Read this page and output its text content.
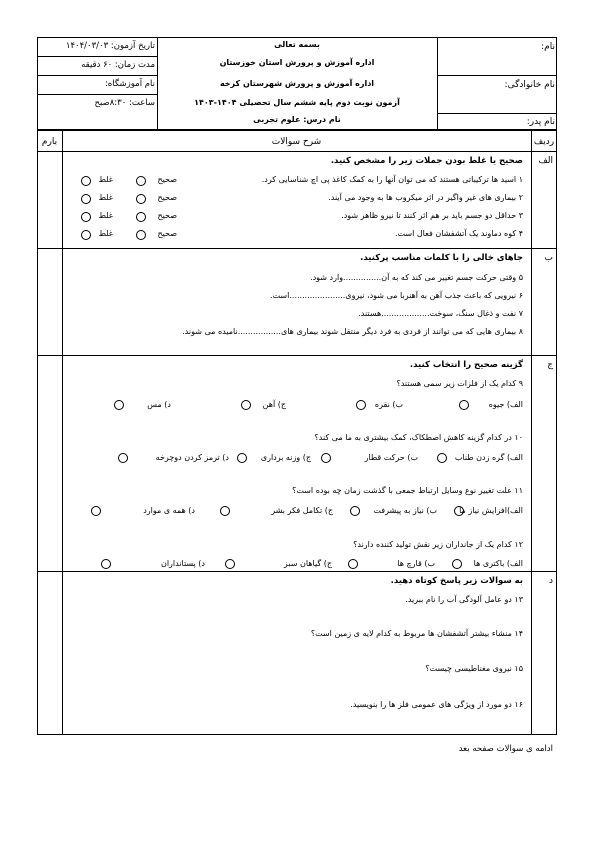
نام:
نام خانوادگی:
نام پدر:
بسمه تعالی
اداره آموزش و پرورش استان خوزستان
اداره آموزش و پرورش شهرستان کرخه
آزمون نوبت دوم پایه ششم سال تحصیلی ۱۴۰۴-۱۴۰۳
نام درس: علوم تجربی
تاریخ آزمون: ۱۴۰۴/۰۳/۰۳
مدت زمان: ۶۰ دقیقه
نام آموزشگاه:
ساعت: ۸:۳۰صبح
ردیف
شرح سوالات
بارم
الف
صحیح یا غلط بودن جملات زیر را مشخص کنید.
۱ اسید ها ترکیباتی هستند که می توان آنها را به کمک کاغذ پی اچ شناسایی کرد.
صحیح
غلط
۲ بیماری های غیر واگیر در اثر میکروب ها به وجود می آیند.
صحیح
غلط
۳ حداقل دو جسم باید بر هم اثر کنند تا نیرو ظاهر شود.
صحیح
غلط
۴ کوه دماوند یک آتشفشان فعال است.
صحیح
غلط
ب
جاهای خالی را با کلمات مناسب پرکنید.
۵ وقتی حرکت جسم تغییر می کند که به آن...............وارد شود.
۶ نیرویی که باعث جذب آهن به آهنربا می شود، نیروی......................است.
۷ نفت و ذغال سنگ، سوخت...................هستند.
۸ بیماری هایی که می توانند از فردی به فرد دیگر منتقل شوند بیماری های.................نامیده می شوند.
ج
گزینه صحیح را انتخاب کنید.
۹ کدام یک از فلزات زیر سمی هستند؟
الف) جیوه
ب) نقره
ج) آهن
د) مس
۱۰ در کدام گزینه کاهش اصطکاک، کمک بیشتری به ما می کند؟
الف) گره زدن طناب
ب) حرکت قطار
ج) وزنه برداری
د) ترمز کردن دوچرخه
۱۱ علت تغییر نوع وسایل ارتباط جمعی با گذشت زمان چه بوده است؟
الف)افزایش نیاز ما
ب) نیاز به پیشرفت
ج) تکامل فکر بشر
د) همه ی موارد
۱۲ کدام یک از جانداران زیر نقش تولید کننده دارند؟
الف) باکتری ها
ب) قارچ ها
ج) گیاهان سبز
د) پستانداران
د
به سوالات زیر پاسخ کوتاه دهید.
۱۳ دو عامل آلودگی آب را نام ببرید.
۱۴ منشاء بیشتر آتشفشان ها مربوط به کدام لایه ی زمین است؟
۱۵ نیروی مغناطیسی چیست؟
۱۶ دو مورد از ویژگی های عمومی فلز ها را بنویسید.
ادامه ی سوالات صفحه بعد
